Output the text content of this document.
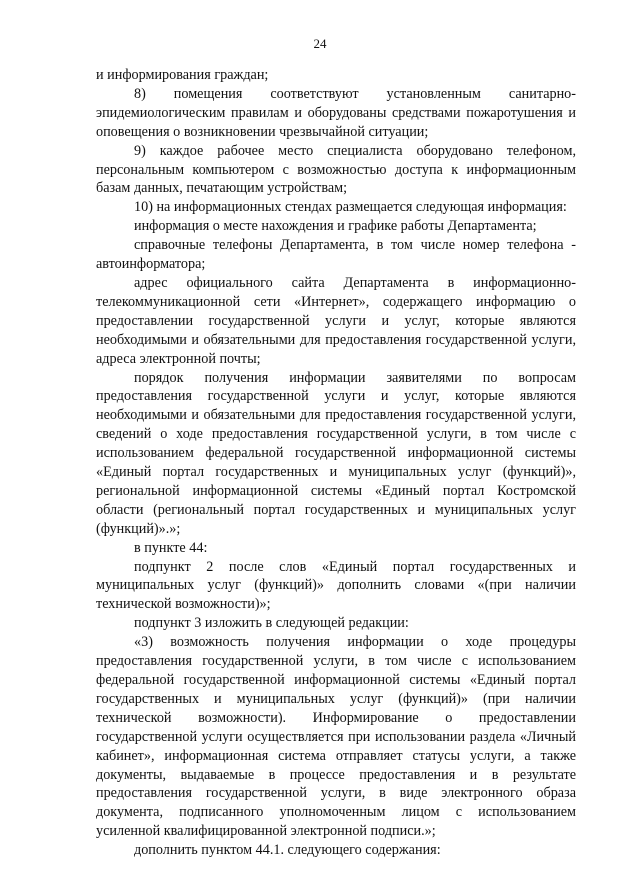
24

и информирования граждан;

8) помещения соответствуют установленным санитарно-эпидемиологическим правилам и оборудованы средствами пожаротушения и оповещения о возникновении чрезвычайной ситуации;

9) каждое рабочее место специалиста оборудовано телефоном, персональным компьютером с возможностью доступа к информационным базам данных, печатающим устройствам;

10) на информационных стендах размещается следующая информация:

информация о месте нахождения и графике работы Департамента;

справочные телефоны Департамента, в том числе номер телефона - автоинформатора;

адрес официального сайта Департамента в информационно-телекоммуникационной сети «Интернет», содержащего информацию о предоставлении государственной услуги и услуг, которые являются необходимыми и обязательными для предоставления государственной услуги, адреса электронной почты;

порядок получения информации заявителями по вопросам предоставления государственной услуги и услуг, которые являются необходимыми и обязательными для предоставления государственной услуги, сведений о ходе предоставления государственной услуги, в том числе с использованием федеральной государственной информационной системы «Единый портал государственных и муниципальных услуг (функций)», региональной информационной системы «Единый портал Костромской области (региональный портал государственных и муниципальных услуг (функций)».»;

в пункте 44:

подпункт 2 после слов «Единый портал государственных и муниципальных услуг (функций)» дополнить словами «(при наличии технической возможности)»;

подпункт 3 изложить в следующей редакции:

«3) возможность получения информации о ходе процедуры предоставления государственной услуги, в том числе с использованием федеральной государственной информационной системы «Единый портал государственных и муниципальных услуг (функций)» (при наличии технической возможности). Информирование о предоставлении государственной услуги осуществляется при использовании раздела «Личный кабинет», информационная система отправляет статусы услуги, а также документы, выдаваемые в процессе предоставления и в результате предоставления государственной услуги, в виде электронного образа документа, подписанного уполномоченным лицом с использованием усиленной квалифицированной электронной подписи.»;

дополнить пунктом 44.1. следующего содержания:
